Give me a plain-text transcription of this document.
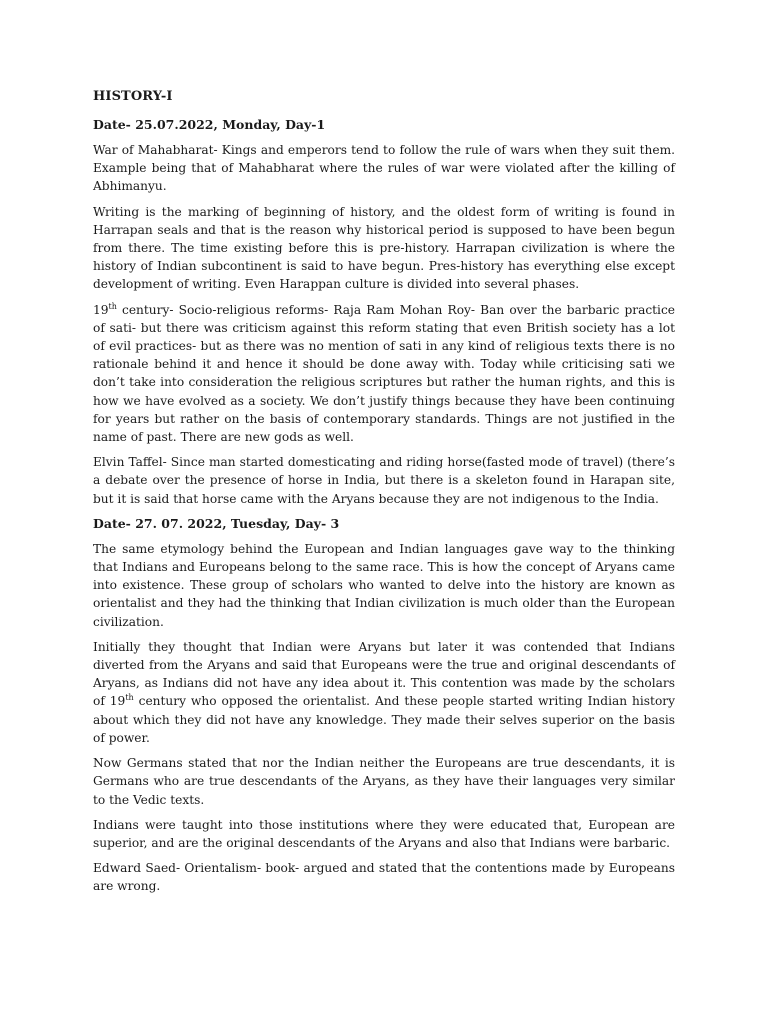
HISTORY-I
Date- 25.07.2022, Monday, Day-1

War of Mahabharat- Kings and emperors tend to follow the rule of wars when they suit them. Example being that of Mahabharat where the rules of war were violated after the killing of Abhimanyu.

Writing is the marking of beginning of history, and the oldest form of writing is found in Harrapan seals and that is the reason why historical period is supposed to have been begun from there. The time existing before this is pre-history. Harrapan civilization is where the history of Indian subcontinent is said to have begun. Pres-history has everything else except development of writing. Even Harappan culture is divided into several phases.

19th century- Socio-religious reforms- Raja Ram Mohan Roy- Ban over the barbaric practice of sati- but there was criticism against this reform stating that even British society has a lot of evil practices- but as there was no mention of sati in any kind of religious texts there is no rationale behind it and hence it should be done away with. Today while criticising sati we don’t take into consideration the religious scriptures but rather the human rights, and this is how we have evolved as a society. We don’t justify things because they have been continuing for years but rather on the basis of contemporary standards. Things are not justified in the name of past. There are new gods as well.

Elvin Taffel- Since man started domesticating and riding horse(fasted mode of travel) (there’s a debate over the presence of horse in India, but there is a skeleton found in Harapan site, but it is said that horse came with the Aryans because they are not indigenous to the India.

Date- 27. 07. 2022, Tuesday, Day- 3

The same etymology behind the European and Indian languages gave way to the thinking that Indians and Europeans belong to the same race. This is how the concept of Aryans came into existence. These group of scholars who wanted to delve into the history are known as orientalist and they had the thinking that Indian civilization is much older than the European civilization.

Initially they thought that Indian were Aryans but later it was contended that Indians diverted from the Aryans and said that Europeans were the true and original descendants of Aryans, as Indians did not have any idea about it. This contention was made by the scholars of 19th century who opposed the orientalist. And these people started writing Indian history about which they did not have any knowledge. They made their selves superior on the basis of power.

Now Germans stated that nor the Indian neither the Europeans are true descendants, it is Germans who are true descendants of the Aryans, as they have their languages very similar to the Vedic texts.

Indians were taught into those institutions where they were educated that, European are superior, and are the original descendants of the Aryans and also that Indians were barbaric.

Edward Saed- Orientalism- book- argued and stated that the contentions made by Europeans are wrong.
